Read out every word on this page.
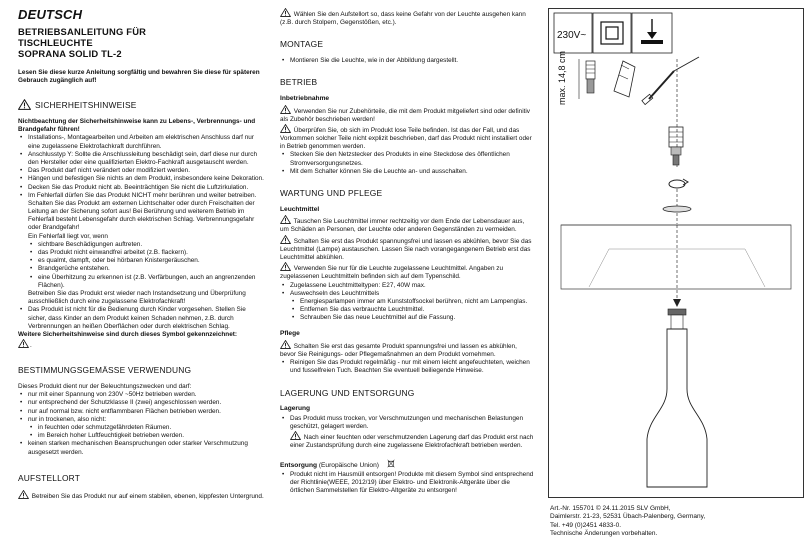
DEUTSCH

BETRIEBSANLEITUNG FÜR

TISCHLEUCHTE

SOPRANA SOLID TL-2

Lesen Sie diese kurze Anleitung sorgfältig und bewahren Sie diese für späteren Gebrauch zugänglich auf!

SICHERHEITSHINWEISE

Nichtbeachtung der Sicherheitshinweise kann zu Lebens-, Verbrennungs- und Brandgefahr führen!

• Installations-, Montagearbeiten und Arbeiten am elektrischen Anschluss darf nur eine zugelassene Elektrofachkraft durchführen.
• Anschlusstyp Y: Sollte die Anschlussleitung beschädigt sein, darf diese nur durch den Hersteller oder eine qualifizierten Elektro-Fachkraft ausgetauscht werden.
• Das Produkt darf nicht verändert oder modifiziert werden.
• Hängen und befestigen Sie nichts an dem Produkt, insbesondere keine Dekoration.
• Decken Sie das Produkt nicht ab. Beeinträchtigen Sie nicht die Luftzirkulation.
• Im Fehlerfall dürfen Sie das Produkt NICHT mehr berühren und weiter betreiben. Schalten Sie das Produkt am externen Lichtschalter oder durch Freischalten der Leitung an der Sicherung sofort aus! Bei Berührung und weiterem Betrieb im Fehlerfall besteht Lebensgefahr durch elektrischen Schlag. Verbrennungsgefahr oder Brandgefahr!
Ein Fehlerfall liegt vor, wenn
• sichtbare Beschädigungen auftreten.
• das Produkt nicht einwandfrei arbeitet (z.B. flackern).
• es qualmt, dampft, oder bei hörbaren Knistergeräuschen.
• Brandgerüche entstehen.
• eine Überhitzung zu erkennen ist (z.B. Verfärbungen, auch an angrenzenden Flächen).
Betreiben Sie das Produkt erst wieder nach Instandsetzung und Überprüfung ausschließlich durch eine zugelassene Elektrofachkraft!
• Das Produkt ist nicht für die Bedienung durch Kinder vorgesehen. Stellen Sie sicher, dass Kinder an dem Produkt keinen Schaden nehmen, z.B. durch Verbrennungen an heißen Oberflächen oder durch elektrischen Schlag.

Weitere Sicherheitshinweise sind durch dieses Symbol gekennzeichnet:

.

BESTIMMUNGSGEMÄSSE VERWENDUNG

Dieses Produkt dient nur der Beleuchtungszwecken und darf:

• nur mit einer Spannung von 230V ~50Hz betrieben werden.
• nur entsprechend der Schutzklasse II (zwei) angeschlossen werden.
• nur auf normal bzw. nicht entflammbaren Flächen betrieben werden.
• nur in trockenen, also nicht:
• in feuchten oder schmutzgefährdeten Räumen.
• im Bereich hoher Luftfeuchtigkeit betrieben werden.
• keinen starken mechanischen Beanspruchungen oder starker Verschmutzung ausgesetzt werden.
AUFSTELLORT

Betreiben Sie das Produkt nur auf einem stabilen, ebenen, kippfesten Untergrund.

Wählen Sie den Aufstellort so, dass keine Gefahr von der Leuchte ausgehen kann (z.B. durch Stolpern, Gegenstößen, etc.).

MONTAGE
• Montieren Sie die Leuchte, wie in der Abbildung dargestellt.
BETRIEB
Inbetriebnahme

Verwenden Sie nur Zubehörteile, die mit dem Produkt mitgeliefert sind oder definitiv als Zubehör beschrieben werden!

Überprüfen Sie, ob sich im Produkt lose Teile befinden. Ist das der Fall, und das Vorkommen solcher Teile nicht explizit beschrieben, darf das Produkt nicht installiert oder in Betrieb genommen werden.

• Stecken Sie den Netzstecker des Produkts in eine Steckdose des öffentlichen Stromversorgungsnetzes.
• Mit dem Schalter können Sie die Leuchte an- und ausschalten.
WARTUNG UND PFLEGE
Leuchtmittel

Tauschen Sie Leuchtmittel immer rechtzeitig vor dem Ende der Lebensdauer aus, um Schäden an Personen, der Leuchte oder anderen Gegenständen zu vermeiden.

Schalten Sie erst das Produkt spannungsfrei und lassen es abkühlen, bevor Sie das Leuchtmittel (Lampe) austauschen. Lassen Sie nach vorangegangenem Betrieb erst das Leuchtmittel abkühlen.

Verwenden Sie nur für die Leuchte zugelassene Leuchtmittel. Angaben zu zugelassenen Leuchtmitteln befinden sich auf dem Typenschild.

• Zugelassene Leuchtmitteltypen: E27, 40W max.
• Auswechseln des Leuchtmittels
• Energiesparlampen immer am Kunststoffsockel berühren, nicht am Lampenglas.
• Entfernen Sie das verbrauchte Leuchtmittel.
• Schrauben Sie das neue Leuchtmittel auf die Fassung.
Pflege

Schalten Sie erst das gesamte Produkt spannungsfrei und lassen es abkühlen, bevor Sie Reinigungs- oder Pflegemaßnahmen an dem Produkt vornehmen.

• Reinigen Sie das Produkt regelmäßig - nur mit einem leicht angefeuchteten, weichen und fusselfreien Tuch. Beachten Sie eventuell beiliegende Hinweise.
LAGERUNG UND ENTSORGUNG
Lagerung
• Das Produkt muss trocken, vor Verschmutzungen und mechanischen Belastungen geschützt, gelagert werden.
Nach einer feuchten oder verschmutzenden Lagerung darf das Produkt erst nach einer Zustandsprüfung durch eine zugelassene Elektrofachkraft betrieben werden.
Entsorgung (Europäische Union)
• Produkt nicht im Hausmüll entsorgen! Produkte mit diesem Symbol sind entsprechend der Richtlinie(WEEE, 2012/19) über Elektro- und Elektronik-Altgeräte über die örtlichen Sammelstellen für Elektro-Altgeräte zu entsorgen!
230V~
max. 14,8 cm
Art.-Nr. 155701 © 24.11.2015 SLV GmbH,
Daimlerstr. 21-23, 52531 Übach-Palenberg, Germany,
Tel. +49 (0)2451 4833-0.
Technische Änderungen vorbehalten.
